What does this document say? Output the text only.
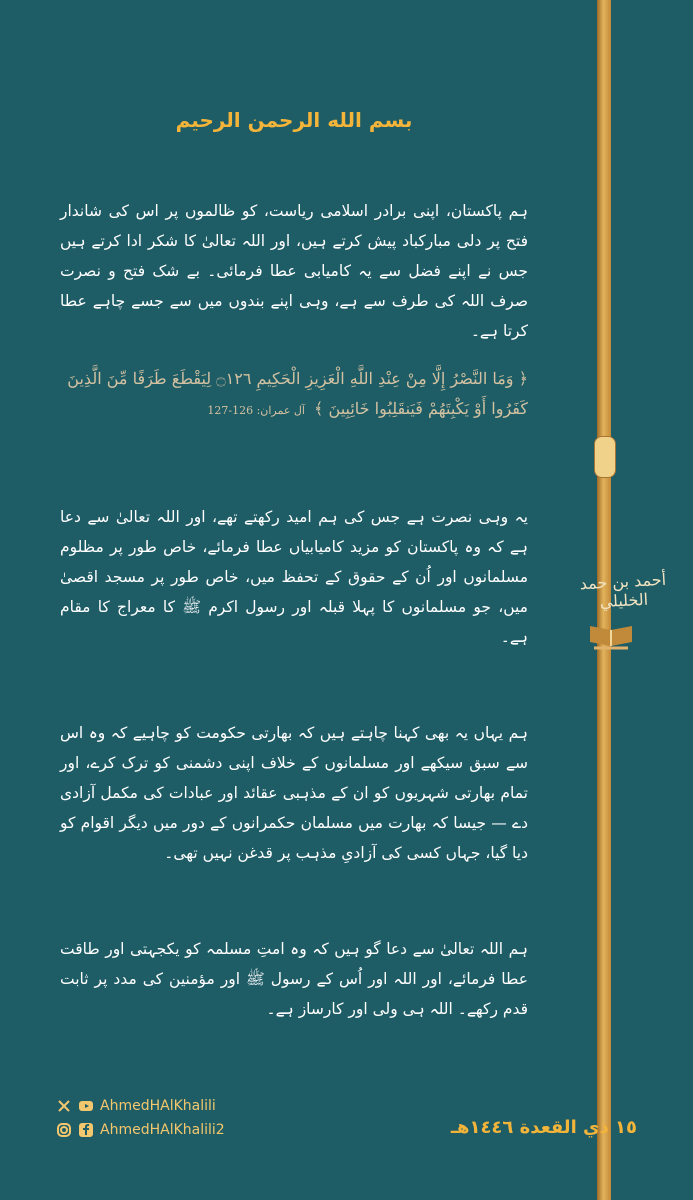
أحمد بن حمد الخليلي
بسم الله الرحمن الرحيم

ہم پاکستان، اپنی برادر اسلامی ریاست، کو ظالموں پر اس کی شاندار فتح پر دلی مبارکباد پیش کرتے ہیں، اور اللہ تعالیٰ کا شکر ادا کرتے ہیں جس نے اپنے فضل سے یہ کامیابی عطا فرمائی۔ بے شک فتح و نصرت صرف اللہ کی طرف سے ہے، وہی اپنے بندوں میں سے جسے چاہے عطا کرتا ہے۔

﴿ وَمَا النَّصْرُ إِلَّا مِنْ عِنْدِ اللَّهِ الْعَزِيزِ الْحَكِيمِ ۝١٢٦ لِيَقْطَعَ طَرَفًا مِّنَ الَّذِينَ كَفَرُوا أَوْ يَكْبِتَهُمْ فَيَنقَلِبُوا خَائِبِينَ ﴾ آل عمران: 126-127

یہ وہی نصرت ہے جس کی ہم امید رکھتے تھے، اور اللہ تعالیٰ سے دعا ہے کہ وہ پاکستان کو مزید کامیابیاں عطا فرمائے، خاص طور پر مظلوم مسلمانوں اور اُن کے حقوق کے تحفظ میں، خاص طور پر مسجد اقصیٰ میں، جو مسلمانوں کا پہلا قبلہ اور رسول اکرم ﷺ کا معراج کا مقام ہے۔

ہم یہاں یہ بھی کہنا چاہتے ہیں کہ بھارتی حکومت کو چاہیے کہ وہ اس سے سبق سیکھے اور مسلمانوں کے خلاف اپنی دشمنی کو ترک کرے، اور تمام بھارتی شہریوں کو ان کے مذہبی عقائد اور عبادات کی مکمل آزادی دے — جیسا کہ بھارت میں مسلمان حکمرانوں کے دور میں دیگر اقوام کو دیا گیا، جہاں کسی کی آزادیِ مذہب پر قدغن نہیں تھی۔

ہم اللہ تعالیٰ سے دعا گو ہیں کہ وہ امتِ مسلمہ کو یکجہتی اور طاقت عطا فرمائے، اور اللہ اور اُس کے رسول ﷺ اور مؤمنین کی مدد پر ثابت قدم رکھے۔ اللہ ہی ولی اور کارساز ہے۔

AhmedHAlKhalili
AhmedHAlKhalili2	١٥ ذي القعدة ١٤٤٦هـ
